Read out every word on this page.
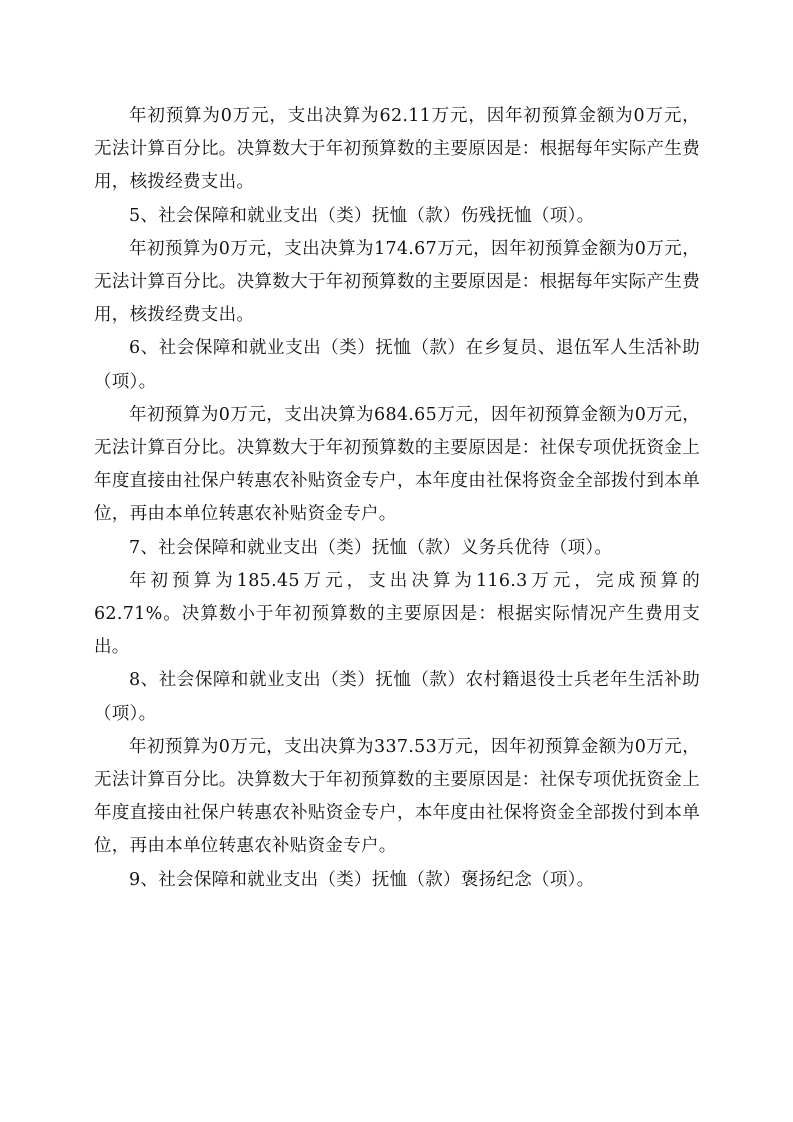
年初预算为0万元，支出决算为62.11万元，因年初预算金额为0万元，无法计算百分比。决算数大于年初预算数的主要原因是：根据每年实际产生费用，核拨经费支出。

5、社会保障和就业支出（类）抚恤（款）伤残抚恤（项）。

年初预算为0万元，支出决算为174.67万元，因年初预算金额为0万元，无法计算百分比。决算数大于年初预算数的主要原因是：根据每年实际产生费用，核拨经费支出。

6、社会保障和就业支出（类）抚恤（款）在乡复员、退伍军人生活补助（项）。

年初预算为0万元，支出决算为684.65万元，因年初预算金额为0万元，无法计算百分比。决算数大于年初预算数的主要原因是：社保专项优抚资金上年度直接由社保户转惠农补贴资金专户，本年度由社保将资金全部拨付到本单位，再由本单位转惠农补贴资金专户。

7、社会保障和就业支出（类）抚恤（款）义务兵优待（项）。

年初预算为185.45万元，支出决算为116.3万元，完成预算的62.71%。决算数小于年初预算数的主要原因是：根据实际情况产生费用支出。

8、社会保障和就业支出（类）抚恤（款）农村籍退役士兵老年生活补助（项）。

年初预算为0万元，支出决算为337.53万元，因年初预算金额为0万元，无法计算百分比。决算数大于年初预算数的主要原因是：社保专项优抚资金上年度直接由社保户转惠农补贴资金专户，本年度由社保将资金全部拨付到本单位，再由本单位转惠农补贴资金专户。

9、社会保障和就业支出（类）抚恤（款）褒扬纪念（项）。
